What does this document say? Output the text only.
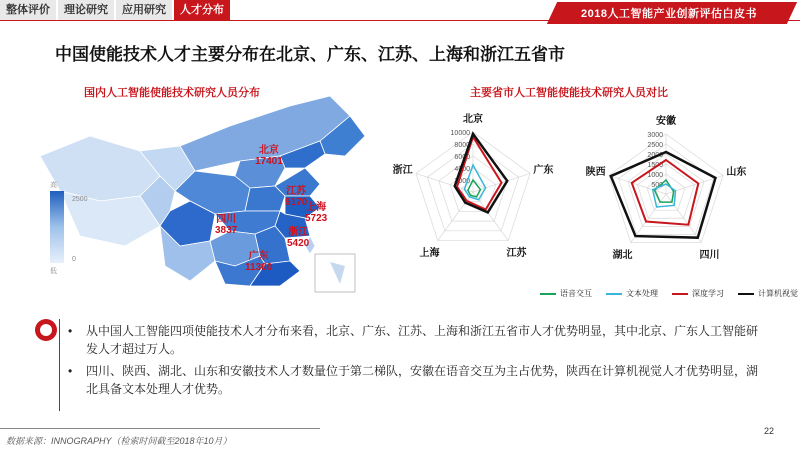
整体评价	理论研究	应用研究	人才分布	2018人工智能产业创新评估白皮书
中国使能技术人才主要分布在北京、广东、江苏、上海和浙江五省市
国内人工智能使能技术研究人员分布	主要省市人工智能使能技术研究人员对比
高
2500
低
0
北京
17401
江苏
9170
上海
5723
浙江
5420
四川
3837
广东
11360
北京
广东
江苏
上海
浙江
2000
4000
6000
8000
10000
安徽
山东
四川
湖北
陕西
500
1000
1500
2000
2500
3000
语音交互	文本处理	深度学习	计算机视觉
• 从中国人工智能四项使能技术人才分布来看，北京、广东、江苏、上海和浙江五省市人才优势明显，其中北京、广东人工智能研发人才超过万人。
• 四川、陕西、湖北、山东和安徽技术人才数量位于第二梯队，安徽在语音交互为主占优势，陕西在计算机视觉人才优势明显，湖北具备文本处理人才优势。
数据来源：INNOGRAPHY（检索时间截至2018年10月）
22
